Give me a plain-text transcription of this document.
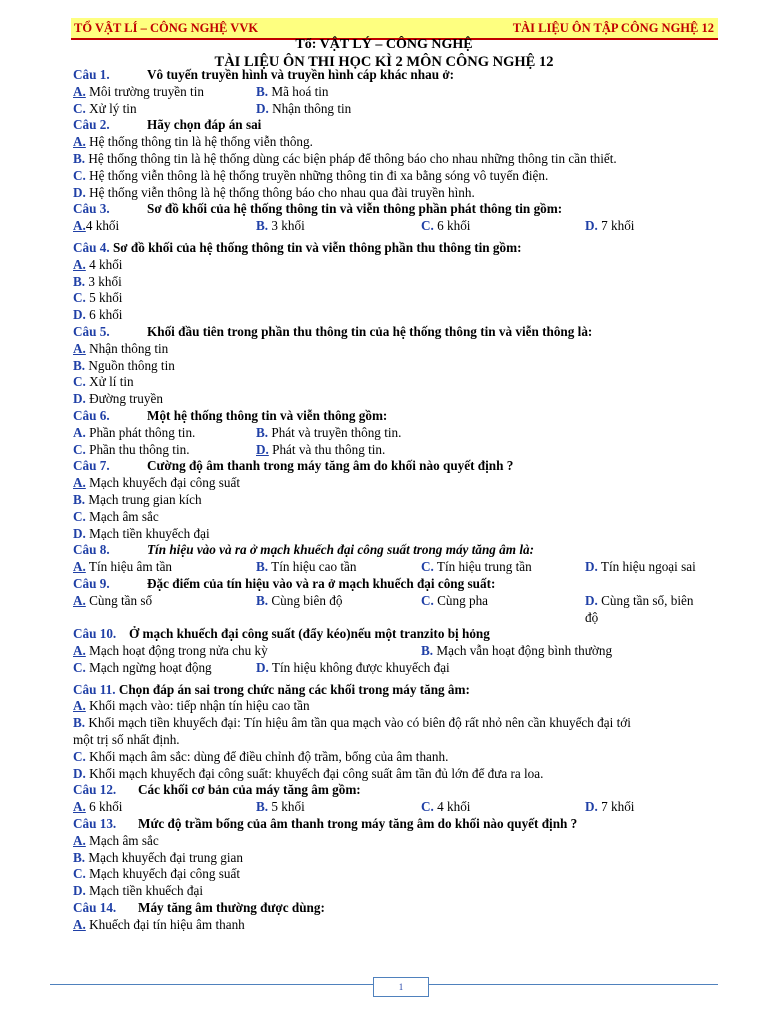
TỔ VẬT LÍ – CÔNG NGHỆ VVK	TÀI LIỆU ÔN TẬP CÔNG NGHỆ 12
Tổ: VẬT LÝ – CÔNG NGHỆ
TÀI LIỆU ÔN THI HỌC KÌ 2 MÔN CÔNG NGHỆ 12
Câu 1.	Vô tuyến truyền hình và truyền hình cáp khác nhau ở:
A. Môi trường truyền tin	B. Mã hoá tin
C. Xử lý tin	D. Nhận thông tin
Câu 2.	Hãy chọn đáp án sai
A. Hệ thống thông tin là hệ thống viễn thông.
B. Hệ thống thông tin là hệ thống dùng các biện pháp để thông báo cho nhau những thông tin cần thiết.
C. Hệ thống viễn thông là hệ thống truyền những thông tin đi xa bằng sóng vô tuyến điện.
D. Hệ thống viễn thông là hệ thống thông báo cho nhau qua đài truyền hình.
Câu 3.	Sơ đồ khối của hệ thống thông tin và viễn thông phần phát thông tin gồm:
A.4 khối	B. 3 khối	C. 6 khối	D. 7 khối
Câu 4. Sơ đồ khối của hệ thống thông tin và viễn thông phần thu thông tin gồm:
A. 4 khối
B. 3 khối
C. 5 khối
D. 6 khối
Câu 5.	Khối đầu tiên trong phần thu thông tin của hệ thống thông tin và viễn thông là:
A. Nhận thông tin
B. Nguồn thông tin
C. Xử lí tin
D. Đường truyền
Câu 6.	Một hệ thống thông tin và viễn thông gồm:
A. Phần phát thông tin.	B. Phát và truyền thông tin.
C. Phần thu thông tin.	D. Phát và thu thông tin.
Câu 7.	Cường độ âm thanh trong máy tăng âm do khối nào quyết định ?
A. Mạch khuyếch đại công suất
B. Mạch trung gian kích
C. Mạch âm sắc
D. Mạch tiền khuyếch đại
Câu 8.	Tín hiệu vào và ra ở mạch khuếch đại công suất trong máy tăng âm là:
A. Tín hiệu âm tần	B. Tín hiệu cao tần	C. Tín hiệu trung tần	D. Tín hiệu ngoại sai
Câu 9.	Đặc điểm của tín hiệu vào và ra ở mạch khuếch đại công suất:
A. Cùng tần số	B. Cùng biên độ	C. Cùng pha	D. Cùng tần số, biên
độ
Câu 10. Ở mạch khuếch đại công suất (đẩy kéo)nếu một tranzito bị hỏng
A. Mạch hoạt động trong nửa chu kỳ	B. Mạch vẫn hoạt động bình thường
C. Mạch ngừng hoạt động	D. Tín hiệu không được khuyếch đại
Câu 11. Chọn đáp án sai trong chức năng các khối trong máy tăng âm:
A. Khối mạch vào: tiếp nhận tín hiệu cao tần
B. Khối mạch tiền khuyếch đại: Tín hiệu âm tần qua mạch vào có biên độ rất nhỏ nên cần khuyếch đại tới
một trị số nhất định.
C. Khối mạch âm sắc: dùng để điều chỉnh độ trầm, bổng của âm thanh.
D. Khối mạch khuyếch đại công suất: khuyếch đại công suất âm tần đủ lớn để đưa ra loa.
Câu 12. Các khối cơ bản của máy tăng âm gồm:
A. 6 khối	B. 5 khối	C. 4 khối	D. 7 khối
Câu 13. Mức độ trầm bổng của âm thanh trong máy tăng âm do khối nào quyết định ?
A. Mạch âm sắc
B. Mạch khuyếch đại trung gian
C. Mạch khuyếch đại công suất
D. Mạch tiền khuếch đại
Câu 14. Máy tăng âm thường được dùng:
A. Khuếch đại tín hiệu âm thanh
1
